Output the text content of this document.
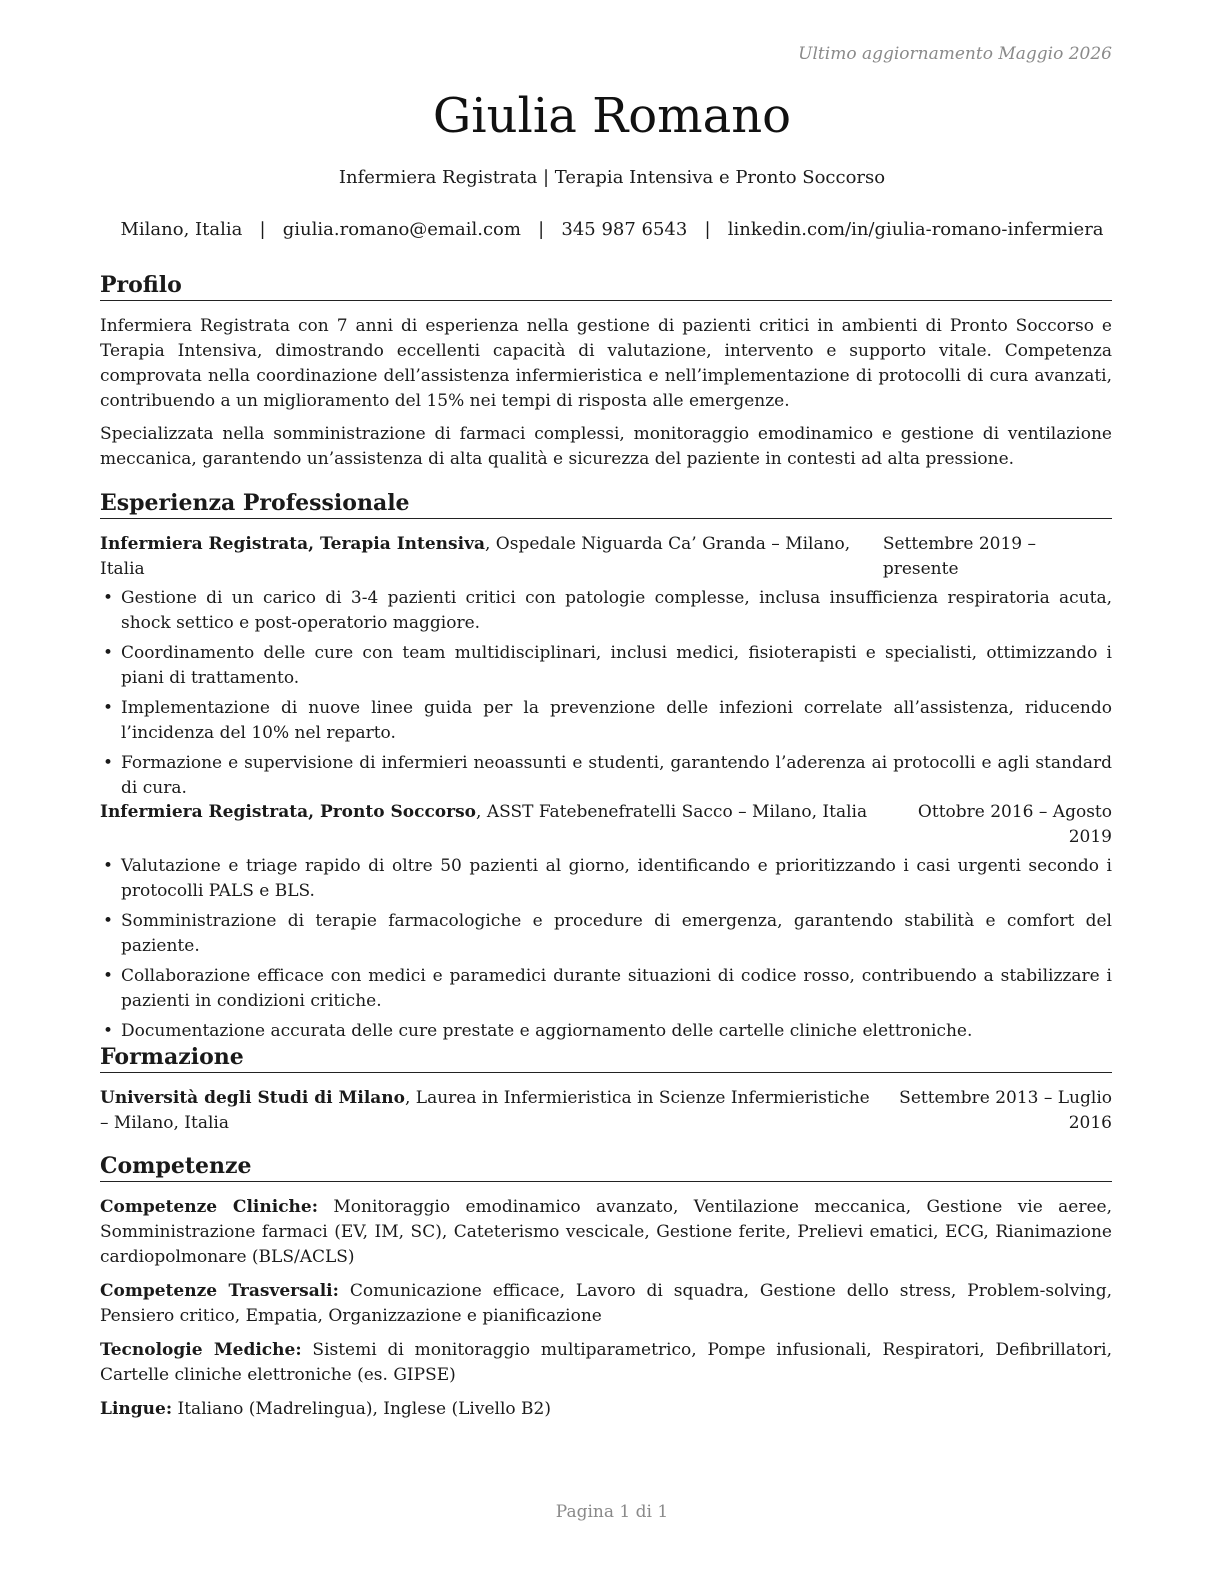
Ultimo aggiornamento Maggio 2026
Giulia Romano
Infermiera Registrata | Terapia Intensiva e Pronto Soccorso
Milano, Italia | giulia.romano@email.com | 345 987 6543 | linkedin.com/in/giulia-romano-infermiera
Profilo

Infermiera Registrata con 7 anni di esperienza nella gestione di pazienti critici in ambienti di Pronto Soccorso e Terapia Intensiva, dimostrando eccellenti capacità di valutazione, intervento e supporto vitale. Competenza comprovata nella coordinazione dell’assistenza infermieristica e nell’implementazione di protocolli di cura avanzati, contribuendo a un miglioramento del 15% nei tempi di risposta alle emergenze.

Specializzata nella somministrazione di farmaci complessi, monitoraggio emodinamico e gestione di ventilazione meccanica, garantendo un’assistenza di alta qualità e sicurezza del paziente in contesti ad alta pressione.

Esperienza Professionale
Infermiera Registrata, Terapia Intensiva, Ospedale Niguarda Ca’ Granda – Milano, Italia
Settembre 2019 – presente
• Gestione di un carico di 3-4 pazienti critici con patologie complesse, inclusa insufficienza respiratoria acuta, shock settico e post-operatorio maggiore.
• Coordinamento delle cure con team multidisciplinari, inclusi medici, fisioterapisti e specialisti, ottimizzando i piani di trattamento.
• Implementazione di nuove linee guida per la prevenzione delle infezioni correlate all’assistenza, riducendo l’incidenza del 10% nel reparto.
• Formazione e supervisione di infermieri neoassunti e studenti, garantendo l’aderenza ai protocolli e agli standard di cura.
Infermiera Registrata, Pronto Soccorso, ASST Fatebenefratelli Sacco – Milano, Italia	Ottobre 2016 – Agosto 2019
• Valutazione e triage rapido di oltre 50 pazienti al giorno, identificando e prioritizzando i casi urgenti secondo i protocolli PALS e BLS.
• Somministrazione di terapie farmacologiche e procedure di emergenza, garantendo stabilità e comfort del paziente.
• Collaborazione efficace con medici e paramedici durante situazioni di codice rosso, contribuendo a stabilizzare i pazienti in condizioni critiche.
• Documentazione accurata delle cure prestate e aggiornamento delle cartelle cliniche elettroniche.
Formazione
Università degli Studi di Milano, Laurea in Infermieristica in Scienze Infermieristiche – Milano, Italia
Settembre 2013 – Luglio 2016
Competenze
Competenze Cliniche: Monitoraggio emodinamico avanzato, Ventilazione meccanica, Gestione vie aeree, Somministrazione farmaci (EV, IM, SC), Cateterismo vescicale, Gestione ferite, Prelievi ematici, ECG, Rianimazione cardiopolmonare (BLS/ACLS)
Competenze Trasversali: Comunicazione efficace, Lavoro di squadra, Gestione dello stress, Problem-solving, Pensiero critico, Empatia, Organizzazione e pianificazione
Tecnologie Mediche: Sistemi di monitoraggio multiparametrico, Pompe infusionali, Respiratori, Defibrillatori, Cartelle cliniche elettroniche (es. GIPSE)
Lingue: Italiano (Madrelingua), Inglese (Livello B2)
Pagina 1 di 1
